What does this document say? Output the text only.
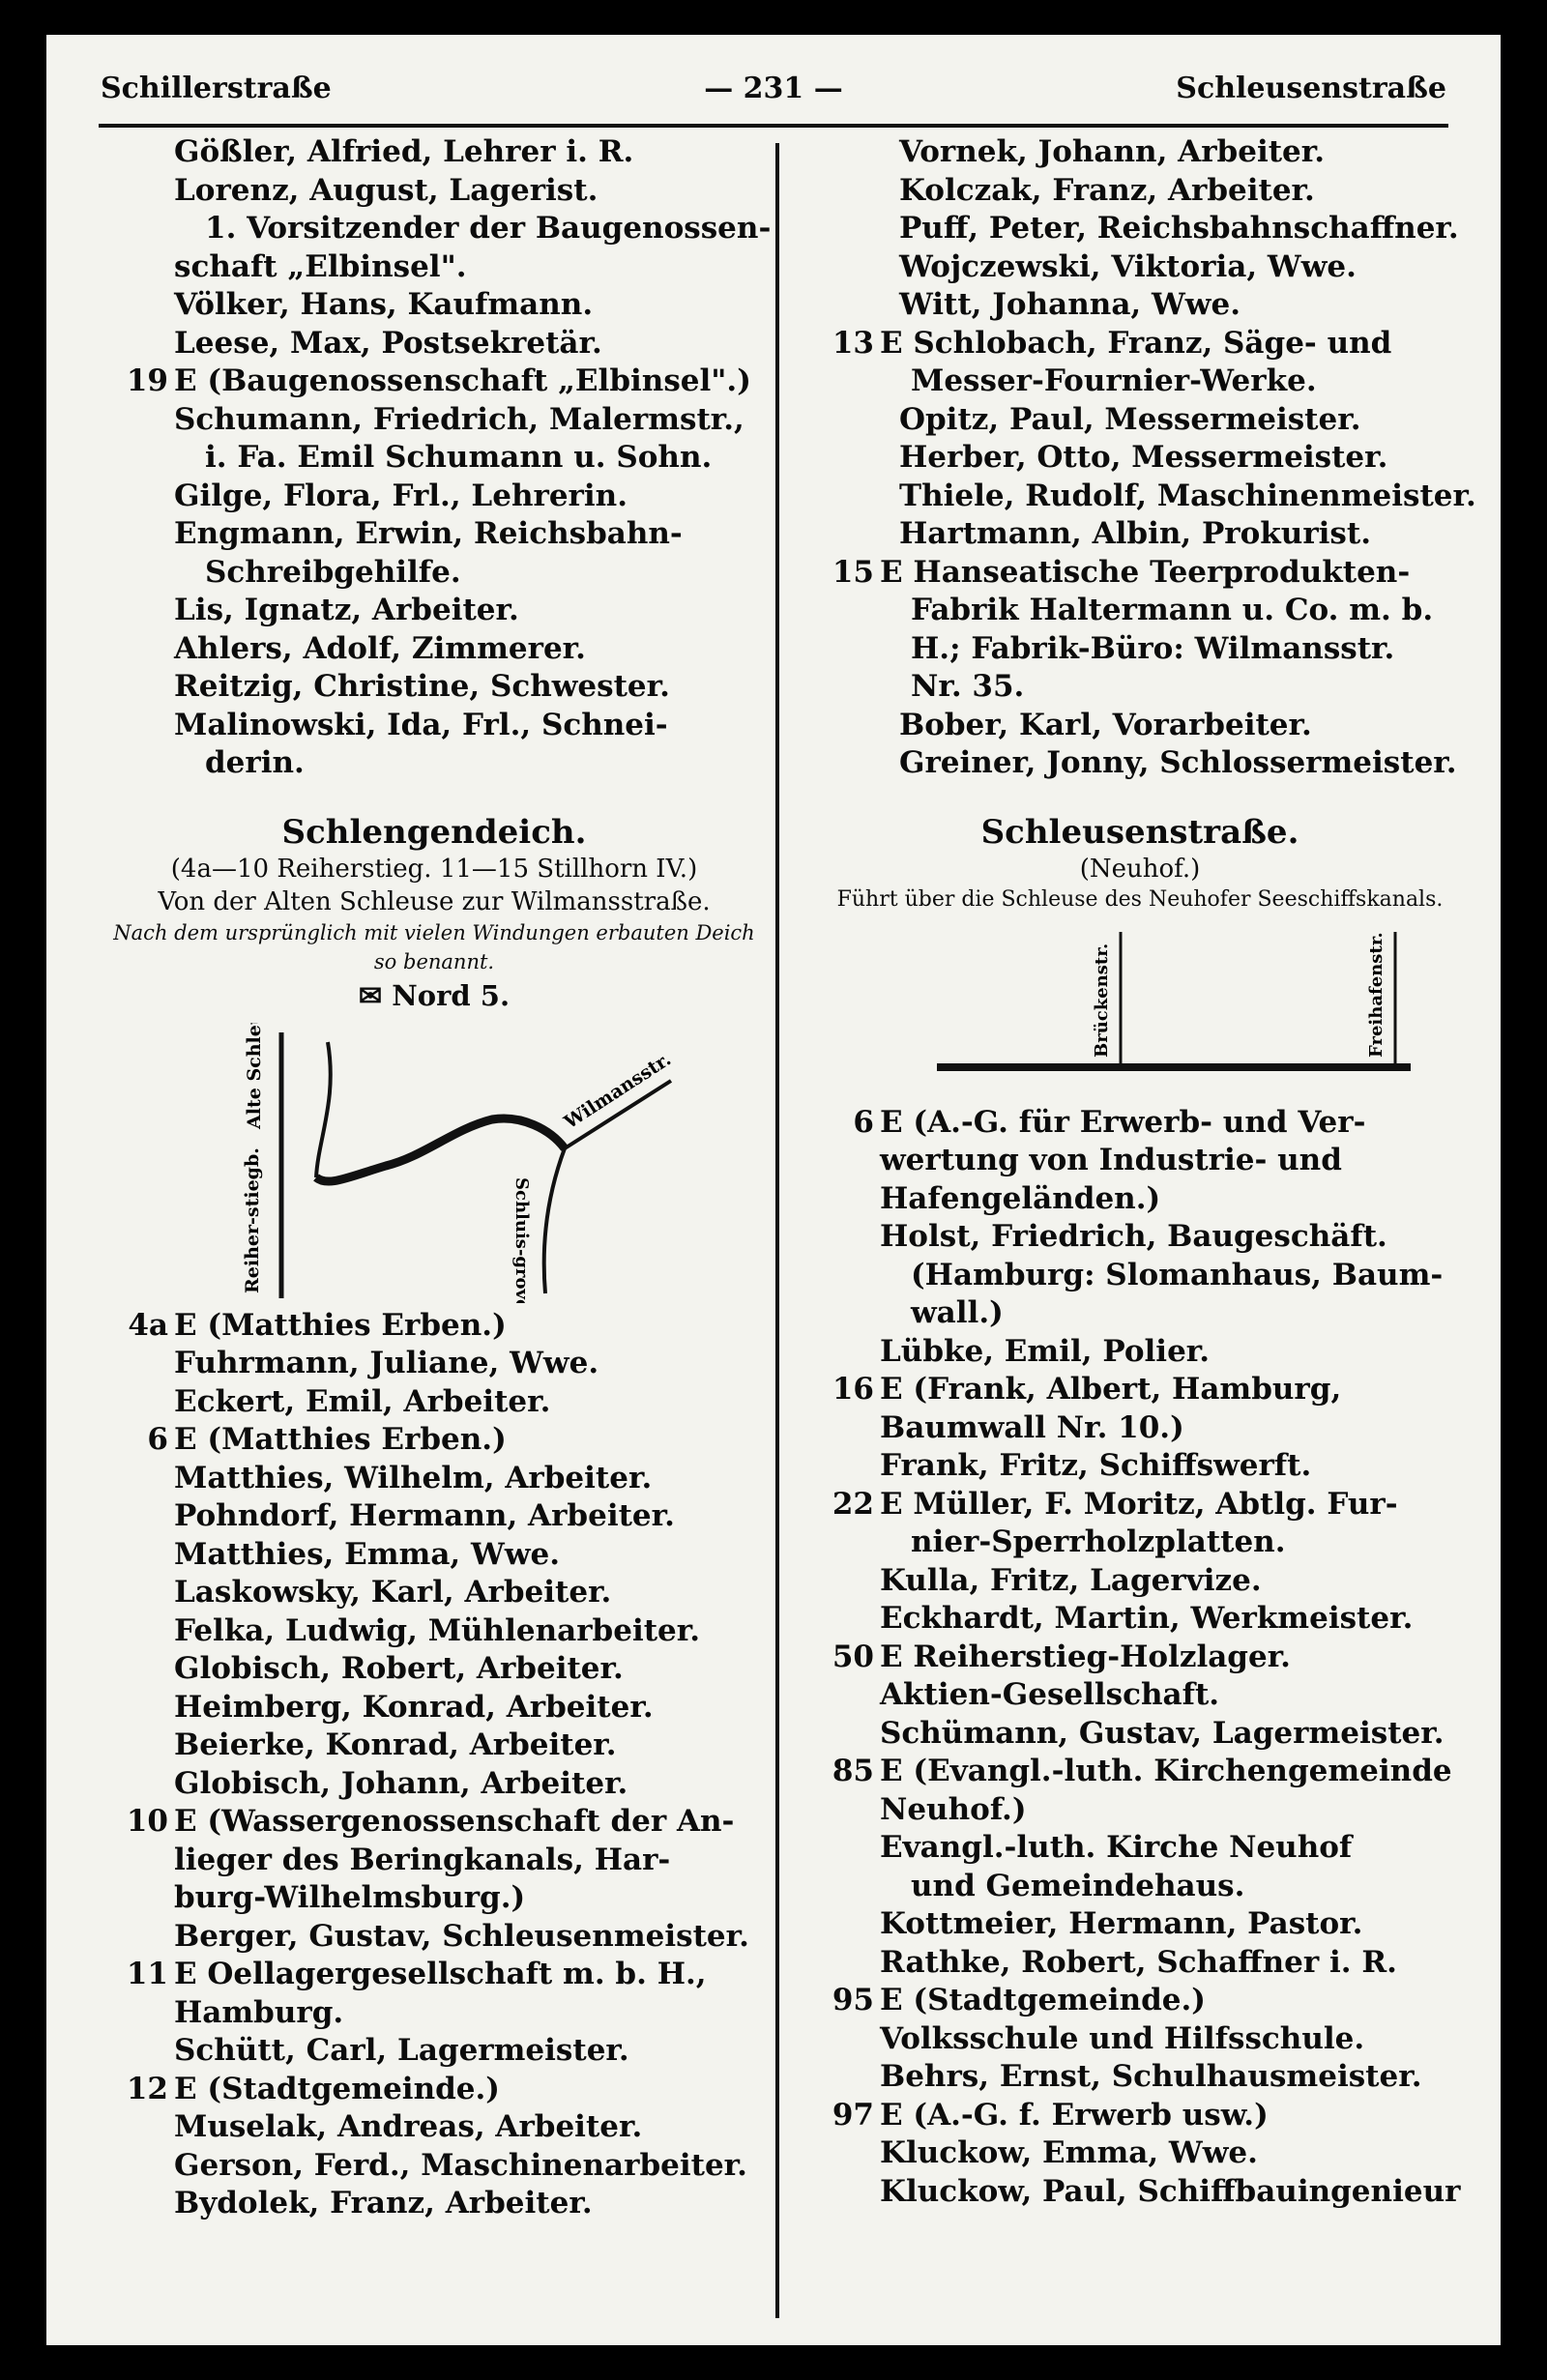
Schillerstraße	— 231 —	Schleusenstraße
Gößler, Alfried, Lehrer i. R.
Lorenz, August, Lagerist.
1. Vorsitzender der Baugenossen-
schaft „Elbinsel".
Völker, Hans, Kaufmann.
Leese, Max, Postsekretär.
19 E (Baugenossenschaft „Elbinsel".)
Schumann, Friedrich, Malermstr.,
i. Fa. Emil Schumann u. Sohn.
Gilge, Flora, Frl., Lehrerin.
Engmann, Erwin, Reichsbahn-
Schreibgehilfe.
Lis, Ignatz, Arbeiter.
Ahlers, Adolf, Zimmerer.
Reitzig, Christine, Schwester.
Malinowski, Ida, Frl., Schnei-
derin.
Schlengendeich.
(4a—10 Reiherstieg. 11—15 Stillhorn IV.)
Von der Alten Schleuse zur Wilmansstraße.
Nach dem ursprünglich mit vielen Windungen erbauten Deich so benannt.
✉ Nord 5.
Alte Schleuse
Reiher-stiegb.
Wilmansstr.
Schluis-grove
4a E (Matthies Erben.)
Fuhrmann, Juliane, Wwe.
Eckert, Emil, Arbeiter.
6 E (Matthies Erben.)
Matthies, Wilhelm, Arbeiter.
Pohndorf, Hermann, Arbeiter.
Matthies, Emma, Wwe.
Laskowsky, Karl, Arbeiter.
Felka, Ludwig, Mühlenarbeiter.
Globisch, Robert, Arbeiter.
Heimberg, Konrad, Arbeiter.
Beierke, Konrad, Arbeiter.
Globisch, Johann, Arbeiter.
10 E (Wassergenossenschaft der An-
lieger des Beringkanals, Har-
burg-Wilhelmsburg.)
Berger, Gustav, Schleusenmeister.
11 E Oellagergesellschaft m. b. H.,
Hamburg.
Schütt, Carl, Lagermeister.
12 E (Stadtgemeinde.)
Muselak, Andreas, Arbeiter.
Gerson, Ferd., Maschinenarbeiter.
Bydolek, Franz, Arbeiter.
Vornek, Johann, Arbeiter.
Kolczak, Franz, Arbeiter.
Puff, Peter, Reichsbahnschaffner.
Wojczewski, Viktoria, Wwe.
Witt, Johanna, Wwe.
13 E Schlobach, Franz, Säge- und
Messer-Fournier-Werke.
Opitz, Paul, Messermeister.
Herber, Otto, Messermeister.
Thiele, Rudolf, Maschinenmeister.
Hartmann, Albin, Prokurist.
15 E Hanseatische Teerprodukten-
Fabrik Haltermann u. Co. m. b.
H.; Fabrik-Büro: Wilmansstr.
Nr. 35.
Bober, Karl, Vorarbeiter.
Greiner, Jonny, Schlossermeister.
Schleusenstraße.
(Neuhof.)
Führt über die Schleuse des Neuhofer Seeschiffskanals.
Brückenstr.	Freihafenstr.
6 E (A.-G. für Erwerb- und Ver-
wertung von Industrie- und
Hafengeländen.)
Holst, Friedrich, Baugeschäft.
(Hamburg: Slomanhaus, Baum-
wall.)
Lübke, Emil, Polier.
16 E (Frank, Albert, Hamburg,
Baumwall Nr. 10.)
Frank, Fritz, Schiffswerft.
22 E Müller, F. Moritz, Abtlg. Fur-
nier-Sperrholzplatten.
Kulla, Fritz, Lagervize.
Eckhardt, Martin, Werkmeister.
50 E Reiherstieg-Holzlager.
Aktien-Gesellschaft.
Schümann, Gustav, Lagermeister.
85 E (Evangl.-luth. Kirchengemeinde
Neuhof.)
Evangl.-luth. Kirche Neuhof
und Gemeindehaus.
Kottmeier, Hermann, Pastor.
Rathke, Robert, Schaffner i. R.
95 E (Stadtgemeinde.)
Volksschule und Hilfsschule.
Behrs, Ernst, Schulhausmeister.
97 E (A.-G. f. Erwerb usw.)
Kluckow, Emma, Wwe.
Kluckow, Paul, Schiffbauingenieur
